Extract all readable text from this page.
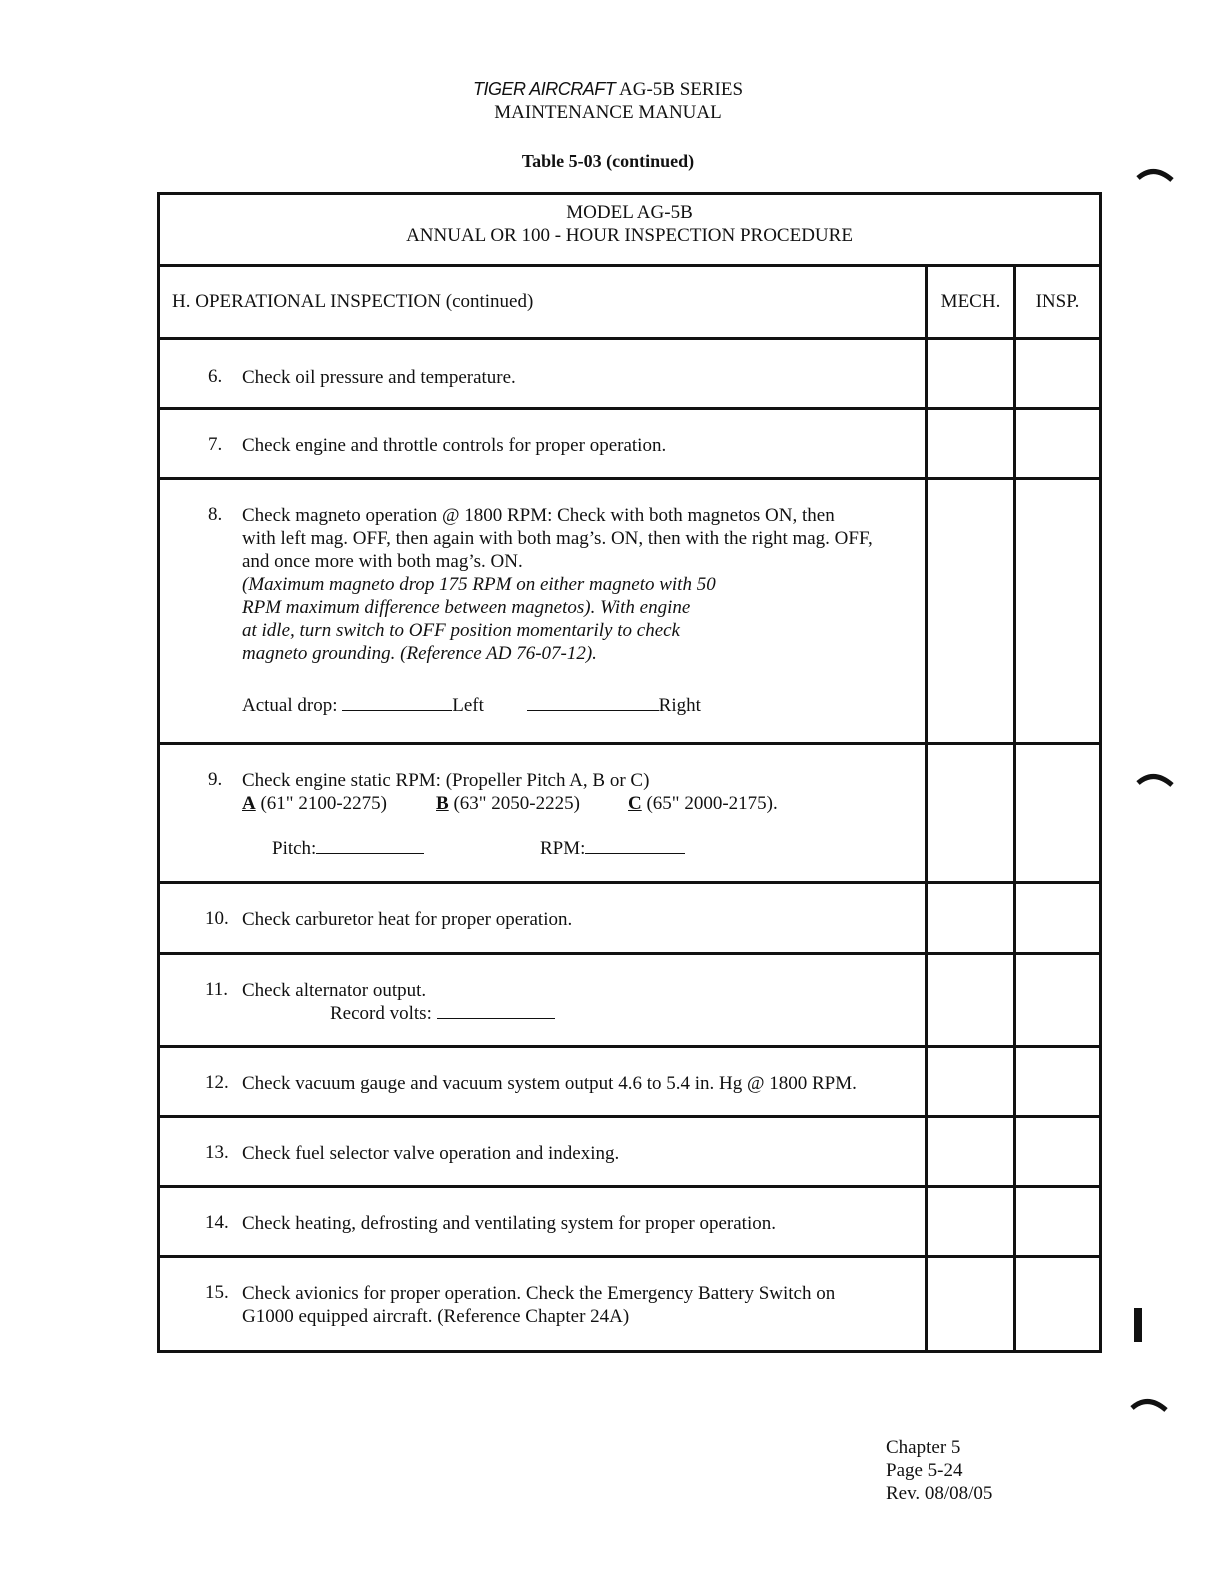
TIGER AIRCRAFT AG-5B SERIES
MAINTENANCE MANUAL
Table 5-03 (continued)
MODEL AG-5B
ANNUAL OR 100 - HOUR INSPECTION PROCEDURE
H. OPERATIONAL INSPECTION (continued)	MECH.	INSP.
6. Check oil pressure and temperature.
7. Check engine and throttle controls for proper operation.
8. Check magneto operation @ 1800 RPM: Check with both magnetos ON, then
with left mag. OFF, then again with both mag’s. ON, then with the right mag. OFF,
and once more with both mag’s. ON.
(Maximum magneto drop 175 RPM on either magneto with 50
RPM maximum difference between magnetos). With engine
at idle, turn switch to OFF position momentarily to check
magneto grounding. (Reference AD 76-07-12).
Actual drop:	Left	Right
9. Check engine static RPM: (Propeller Pitch A, B or C)
A (61" 2100-2275)	B (63" 2050-2225)	C (65" 2000-2175).
Pitch:	RPM:
10. Check carburetor heat for proper operation.
11. Check alternator output.
Record volts:
12. Check vacuum gauge and vacuum system output 4.6 to 5.4 in. Hg @ 1800 RPM.
13. Check fuel selector valve operation and indexing.
14. Check heating, defrosting and ventilating system for proper operation.
15. Check avionics for proper operation. Check the Emergency Battery Switch on
G1000 equipped aircraft. (Reference Chapter 24A)
Chapter 5
Page 5-24
Rev. 08/08/05
